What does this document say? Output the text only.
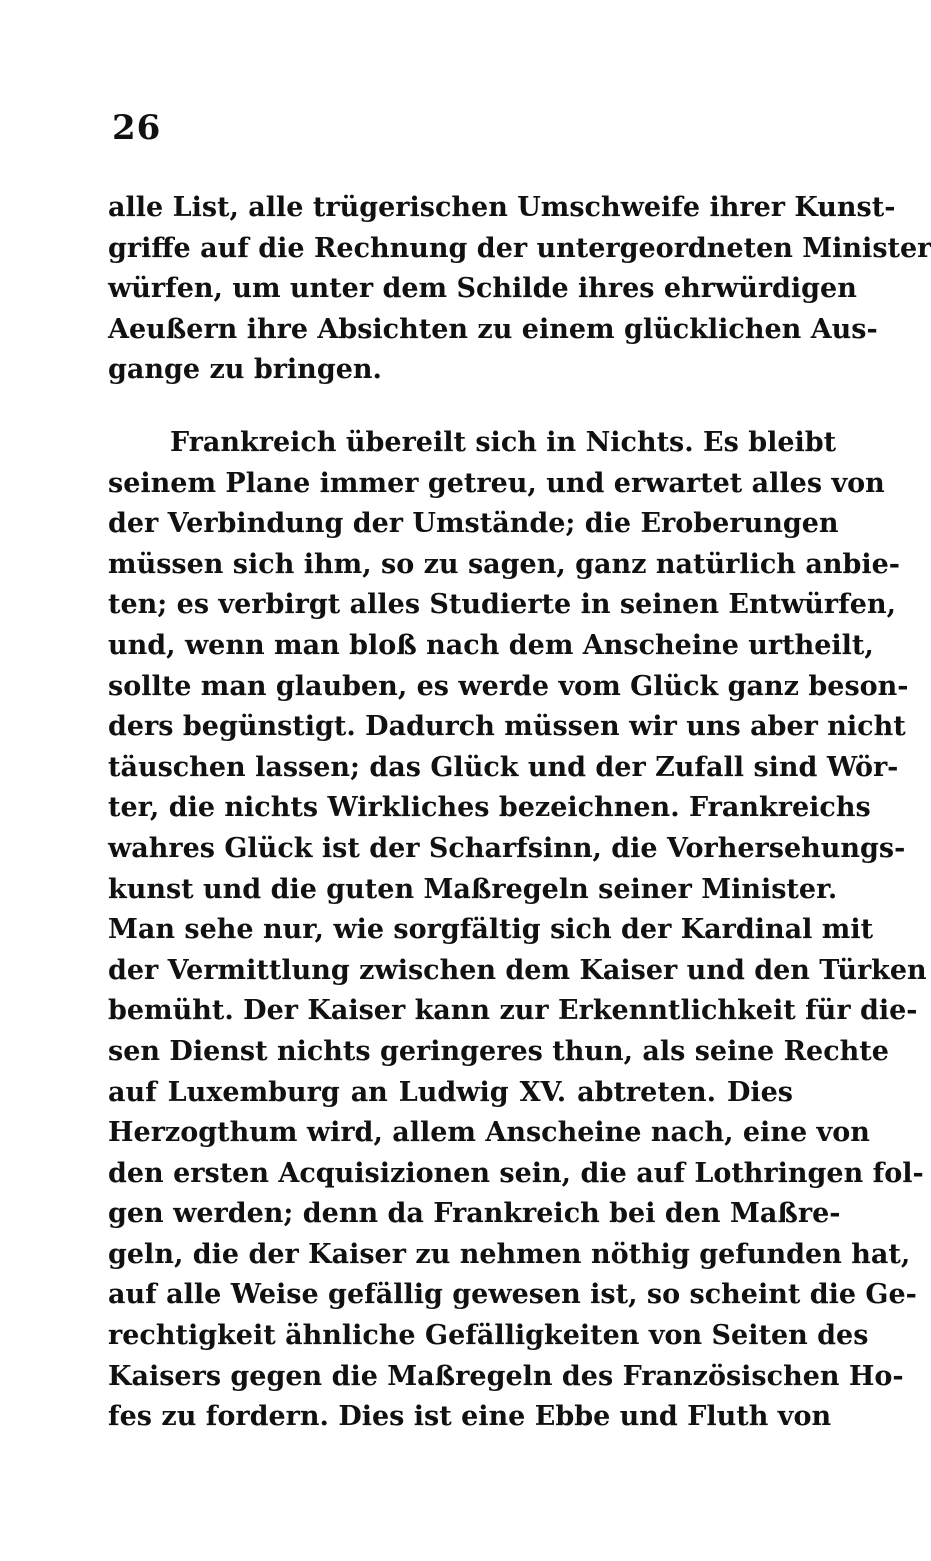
26
alle List, alle trügerischen Umschweife ihrer Kunst-
griffe auf die Rechnung der untergeordneten Minister
würfen, um unter dem Schilde ihres ehrwürdigen
Aeußern ihre Absichten zu einem glücklichen Aus-
gange zu bringen.
Frankreich übereilt sich in Nichts. Es bleibt
seinem Plane immer getreu, und erwartet alles von
der Verbindung der Umstände; die Eroberungen
müssen sich ihm, so zu sagen, ganz natürlich anbie-
ten; es verbirgt alles Studierte in seinen Entwürfen,
und, wenn man bloß nach dem Anscheine urtheilt,
sollte man glauben, es werde vom Glück ganz beson-
ders begünstigt. Dadurch müssen wir uns aber nicht
täuschen lassen; das Glück und der Zufall sind Wör-
ter, die nichts Wirkliches bezeichnen. Frankreichs
wahres Glück ist der Scharfsinn, die Vorhersehungs-
kunst und die guten Maßregeln seiner Minister.
Man sehe nur, wie sorgfältig sich der Kardinal mit
der Vermittlung zwischen dem Kaiser und den Türken
bemüht. Der Kaiser kann zur Erkenntlichkeit für die-
sen Dienst nichts geringeres thun, als seine Rechte
auf Luxemburg an Ludwig XV. abtreten. Dies
Herzogthum wird, allem Anscheine nach, eine von
den ersten Acquisizionen sein, die auf Lothringen fol-
gen werden; denn da Frankreich bei den Maßre-
geln, die der Kaiser zu nehmen nöthig gefunden hat,
auf alle Weise gefällig gewesen ist, so scheint die Ge-
rechtigkeit ähnliche Gefälligkeiten von Seiten des
Kaisers gegen die Maßregeln des Französischen Ho-
fes zu fordern. Dies ist eine Ebbe und Fluth von
